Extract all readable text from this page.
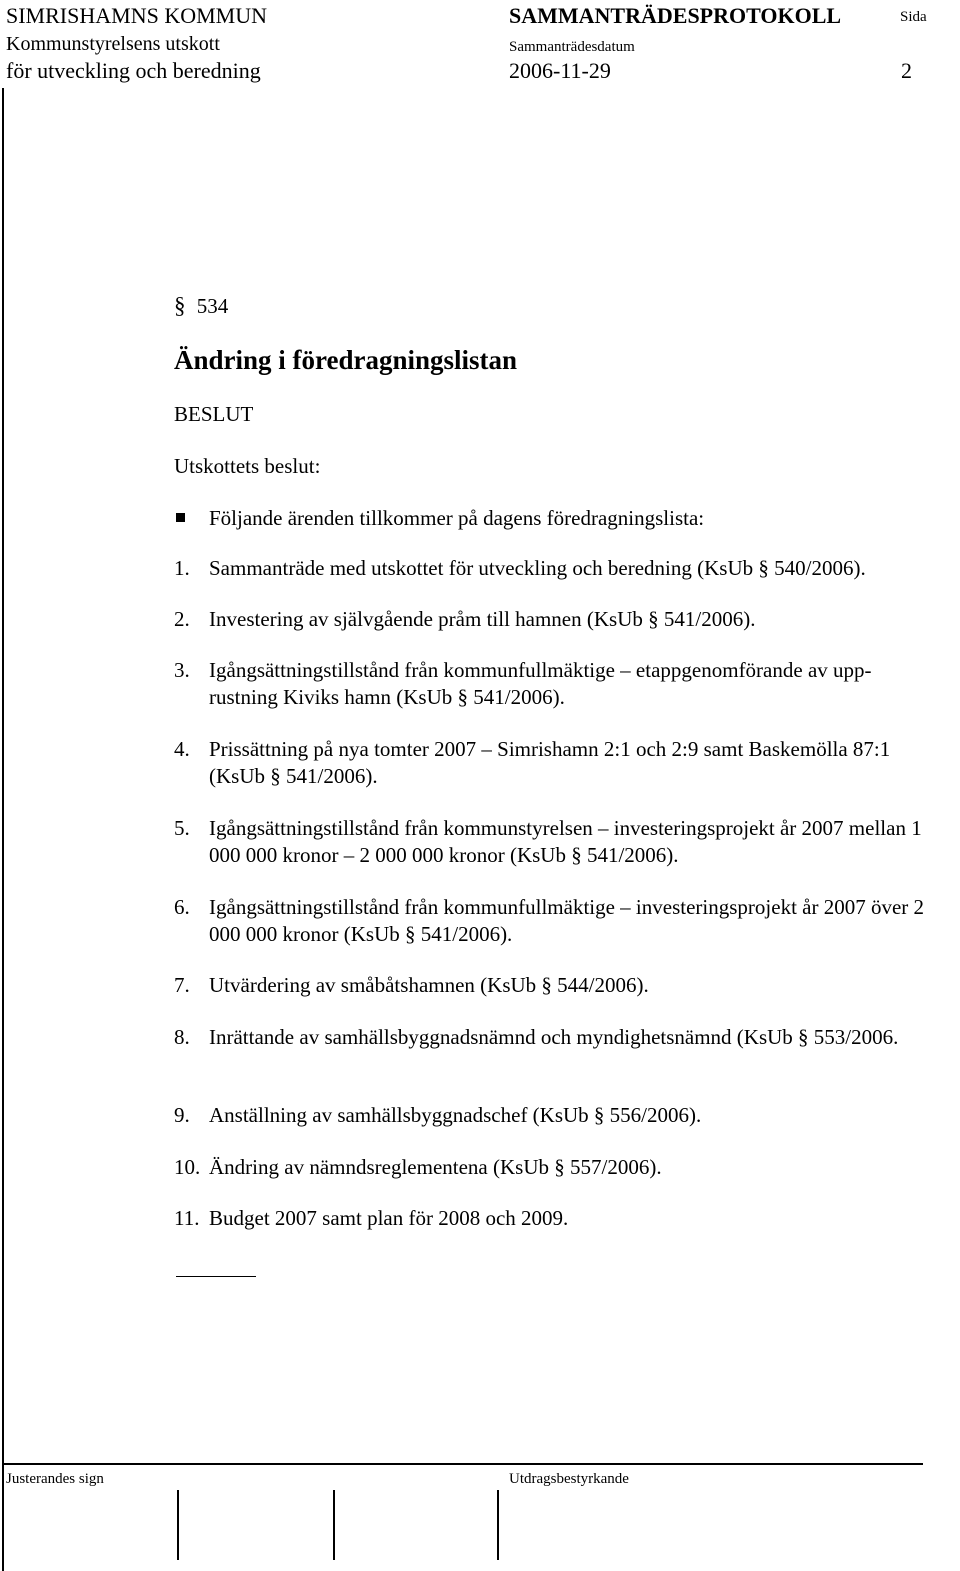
SIMRISHAMNS KOMMUN	SAMMANTRÄDESPROTOKOLL	Sida
Kommunstyrelsens utskott	Sammanträdesdatum
för utveckling och beredning	2006-11-29	2
§ 534
Ändring i föredragningslistan
BESLUT
Utskottets beslut:
Följande ärenden tillkommer på dagens föredragningslista:
1. Sammanträde med utskottet för utveckling och beredning (KsUb § 540/2006).
2. Investering av självgående pråm till hamnen (KsUb § 541/2006).
3. Igångsättningstillstånd från kommunfullmäktige – etappgenomförande av upp-rustning Kiviks hamn (KsUb § 541/2006).
4. Prissättning på nya tomter 2007 – Simrishamn 2:1 och 2:9 samt Baskemölla 87:1 (KsUb § 541/2006).
5. Igångsättningstillstånd från kommunstyrelsen – investeringsprojekt år 2007 mellan 1 000 000 kronor – 2 000 000 kronor (KsUb § 541/2006).
6. Igångsättningstillstånd från kommunfullmäktige – investeringsprojekt år 2007 över 2 000 000 kronor (KsUb § 541/2006).
7. Utvärdering av småbåtshamnen (KsUb § 544/2006).
8. Inrättande av samhällsbyggnadsnämnd och myndighetsnämnd (KsUb § 553/2006.
9. Anställning av samhällsbyggnadschef (KsUb § 556/2006).
10. Ändring av nämndsreglementena (KsUb § 557/2006).
11. Budget 2007 samt plan för 2008 och 2009.
Justerandes sign	Utdragsbestyrkande
